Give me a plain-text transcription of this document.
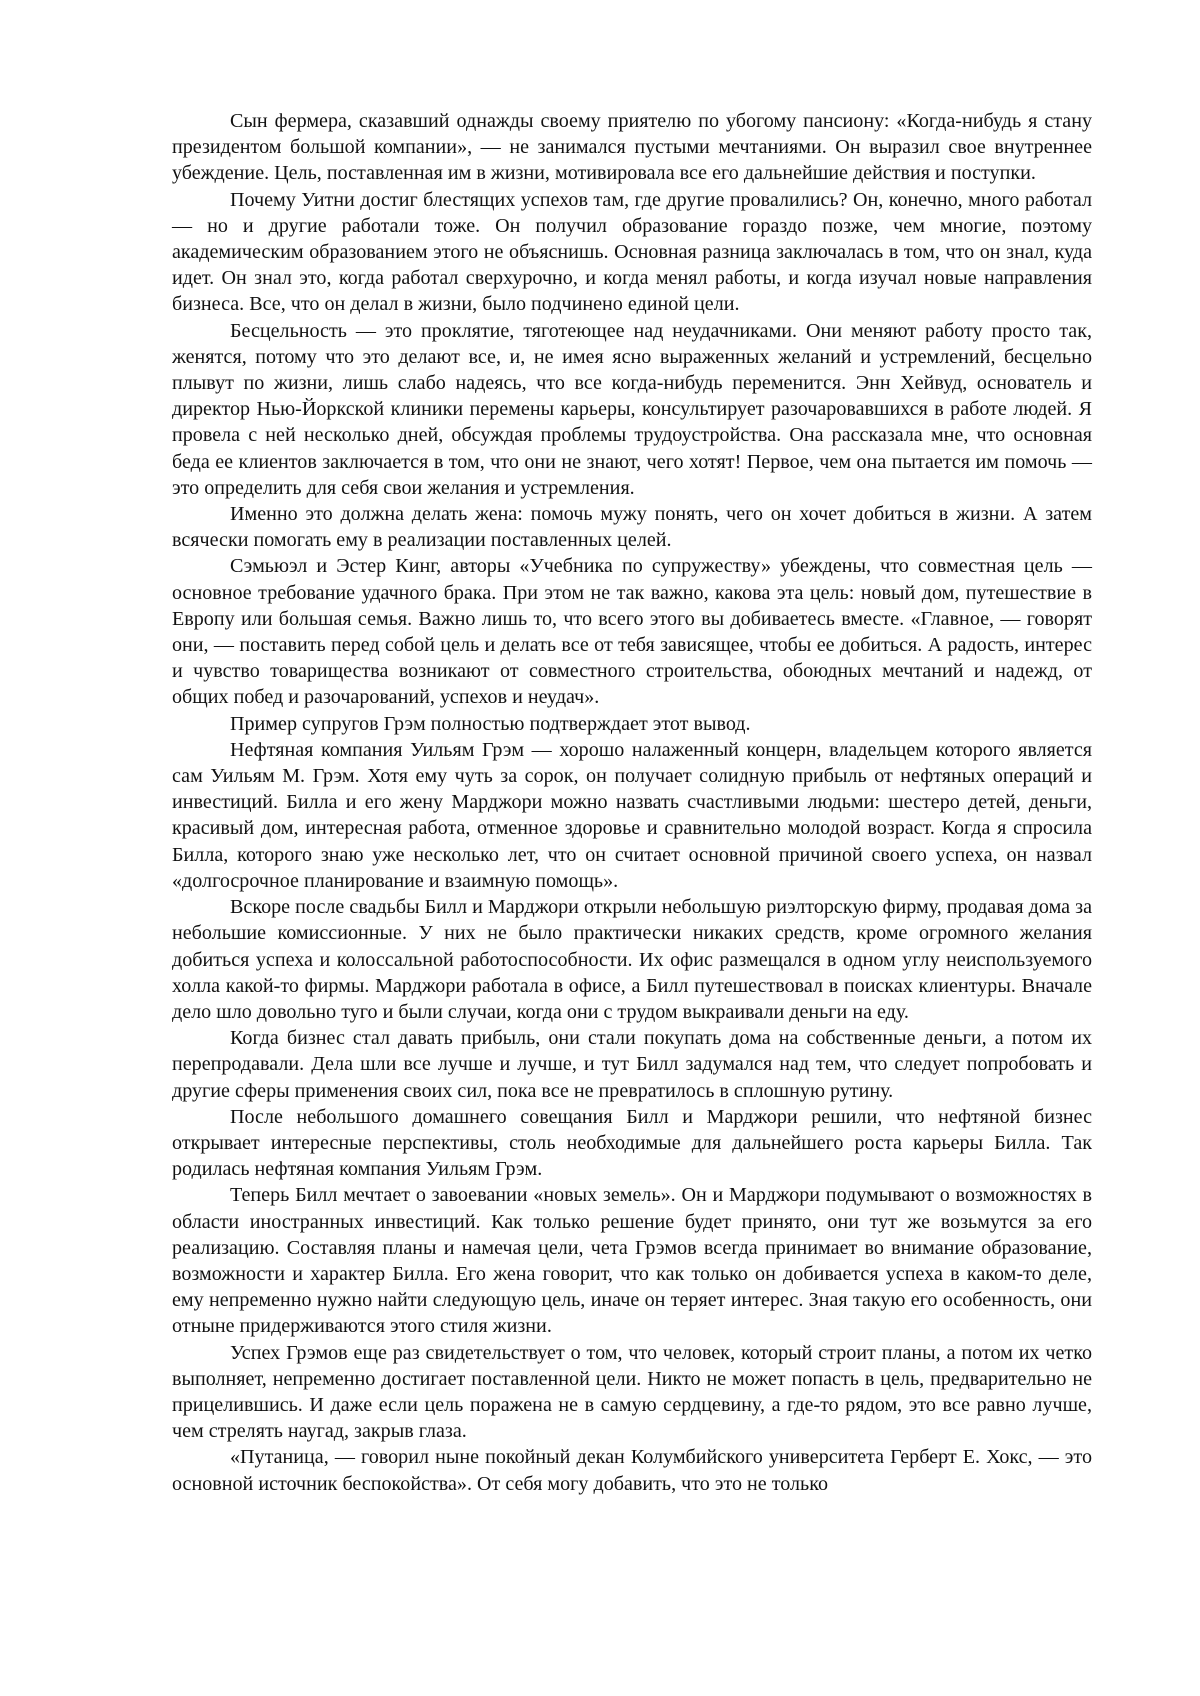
Сын фермера, сказавший однажды своему приятелю по убогому пансиону: «Когда-нибудь я стану президентом большой компании», — не занимался пустыми мечтаниями. Он выразил свое внутреннее убеждение. Цель, поставленная им в жизни, мотивировала все его дальнейшие действия и поступки.

Почему Уитни достиг блестящих успехов там, где другие провалились? Он, конечно, много работал — но и другие работали тоже. Он получил образование гораздо позже, чем многие, поэтому академическим образованием этого не объяснишь. Основная разница заключалась в том, что он знал, куда идет. Он знал это, когда работал сверхурочно, и когда менял работы, и когда изучал новые направления бизнеса. Все, что он делал в жизни, было подчинено единой цели.

Бесцельность — это проклятие, тяготеющее над неудачниками. Они меняют работу просто так, женятся, потому что это делают все, и, не имея ясно выраженных желаний и устремлений, бесцельно плывут по жизни, лишь слабо надеясь, что все когда-нибудь переменится. Энн Хейвуд, основатель и директор Нью-Йоркской клиники перемены карьеры, консультирует разочаровавшихся в работе людей. Я провела с ней несколько дней, обсуждая проблемы трудоустройства. Она рассказала мне, что основная беда ее клиентов заключается в том, что они не знают, чего хотят! Первое, чем она пытается им помочь — это определить для себя свои желания и устремления.

Именно это должна делать жена: помочь мужу понять, чего он хочет добиться в жизни. А затем всячески помогать ему в реализации поставленных целей.

Сэмьюэл и Эстер Кинг, авторы «Учебника по супружеству» убеждены, что совместная цель — основное требование удачного брака. При этом не так важно, какова эта цель: новый дом, путешествие в Европу или большая семья. Важно лишь то, что всего этого вы добиваетесь вместе. «Главное, — говорят они, — поставить перед собой цель и делать все от тебя зависящее, чтобы ее добиться. А радость, интерес и чувство товарищества возникают от совместного строительства, обоюдных мечтаний и надежд, от общих побед и разочарований, успехов и неудач».

Пример супругов Грэм полностью подтверждает этот вывод.

Нефтяная компания Уильям Грэм — хорошо налаженный концерн, владельцем которого является сам Уильям М. Грэм. Хотя ему чуть за сорок, он получает солидную прибыль от нефтяных операций и инвестиций. Билла и его жену Марджори можно назвать счастливыми людьми: шестеро детей, деньги, красивый дом, интересная работа, отменное здоровье и сравнительно молодой возраст. Когда я спросила Билла, которого знаю уже несколько лет, что он считает основной причиной своего успеха, он назвал «долгосрочное планирование и взаимную помощь».

Вскоре после свадьбы Билл и Марджори открыли небольшую риэлторскую фирму, продавая дома за небольшие комиссионные. У них не было практически никаких средств, кроме огромного желания добиться успеха и колоссальной работоспособности. Их офис размещался в одном углу неиспользуемого холла какой-то фирмы. Марджори работала в офисе, а Билл путешествовал в поисках клиентуры. Вначале дело шло довольно туго и были случаи, когда они с трудом выкраивали деньги на еду.

Когда бизнес стал давать прибыль, они стали покупать дома на собственные деньги, а потом их перепродавали. Дела шли все лучше и лучше, и тут Билл задумался над тем, что следует попробовать и другие сферы применения своих сил, пока все не превратилось в сплошную рутину.

После небольшого домашнего совещания Билл и Марджори решили, что нефтяной бизнес открывает интересные перспективы, столь необходимые для дальнейшего роста карьеры Билла. Так родилась нефтяная компания Уильям Грэм.

Теперь Билл мечтает о завоевании «новых земель». Он и Марджори подумывают о возможностях в области иностранных инвестиций. Как только решение будет принято, они тут же возьмутся за его реализацию. Составляя планы и намечая цели, чета Грэмов всегда принимает во внимание образование, возможности и характер Билла. Его жена говорит, что как только он добивается успеха в каком-то деле, ему непременно нужно найти следующую цель, иначе он теряет интерес. Зная такую его особенность, они отныне придерживаются этого стиля жизни.

Успех Грэмов еще раз свидетельствует о том, что человек, который строит планы, а потом их четко выполняет, непременно достигает поставленной цели. Никто не может попасть в цель, предварительно не прицелившись. И даже если цель поражена не в самую сердцевину, а где-то рядом, это все равно лучше, чем стрелять наугад, закрыв глаза.

«Путаница, — говорил ныне покойный декан Колумбийского университета Герберт Е. Хокс, — это основной источник беспокойства». От себя могу добавить, что это не только
